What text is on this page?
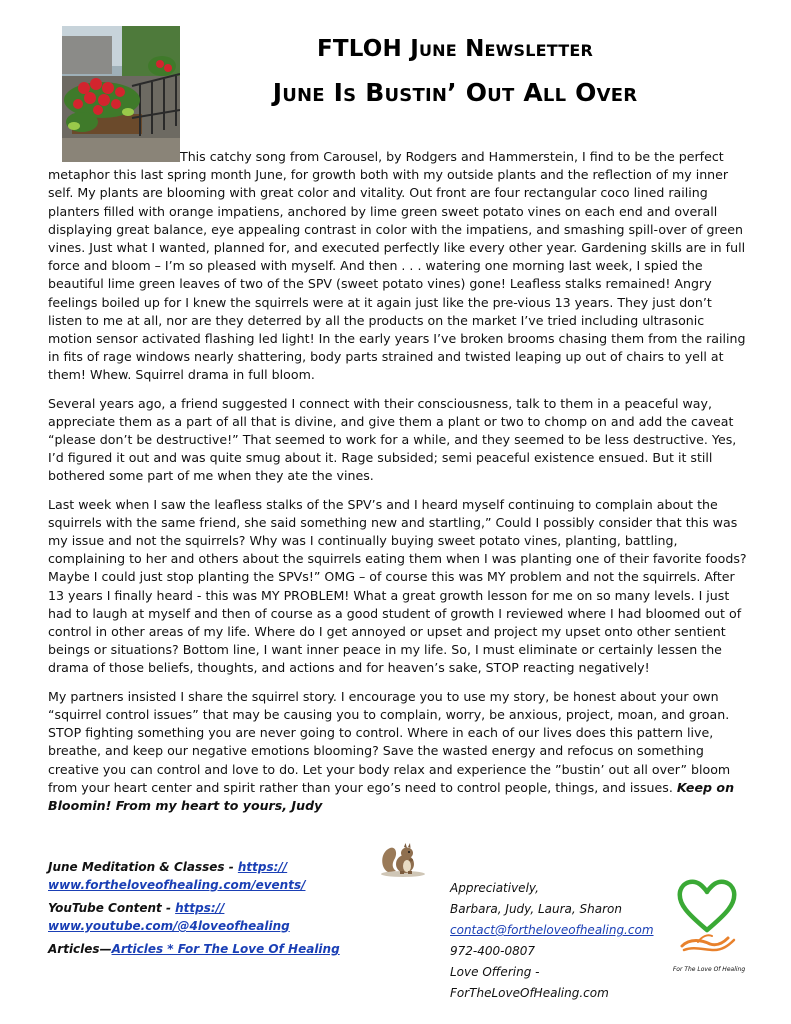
FTLOH June Newsletter
June Is Bustin’ Out All Over

This catchy song from Carousel, by Rodgers and Hammerstein, I find to be the perfect metaphor this last spring month June, for growth both with my outside plants and the reflection of my inner self. My plants are blooming with great color and vitality. Out front are four rectangular coco lined railing planters filled with orange impatiens, anchored by lime green sweet potato vines on each end and overall displaying great balance, eye appealing contrast in color with the impatiens, and smashing spill-over of green vines. Just what I wanted, planned for, and executed perfectly like every other year. Gardening skills are in full force and bloom – I’m so pleased with myself. And then . . . watering one morning last week, I spied the beautiful lime green leaves of two of the SPV (sweet potato vines) gone! Leafless stalks remained! Angry feelings boiled up for I knew the squirrels were at it again just like the pre-vious 13 years. They just don’t listen to me at all, nor are they deterred by all the products on the market I’ve tried including ultrasonic motion sensor activated flashing led light! In the early years I’ve broken brooms chasing them from the railing in fits of rage windows nearly shattering, body parts strained and twisted leaping up out of chairs to yell at them! Whew. Squirrel drama in full bloom.

Several years ago, a friend suggested I connect with their consciousness, talk to them in a peaceful way, appreciate them as a part of all that is divine, and give them a plant or two to chomp on and add the caveat “please don’t be destructive!” That seemed to work for a while, and they seemed to be less destructive. Yes, I’d figured it out and was quite smug about it. Rage subsided; semi peaceful existence ensued. But it still bothered some part of me when they ate the vines.

Last week when I saw the leafless stalks of the SPV’s and I heard myself continuing to complain about the squirrels with the same friend, she said something new and startling,” Could I possibly consider that this was my issue and not the squirrels? Why was I continually buying sweet potato vines, planting, battling, complaining to her and others about the squirrels eating them when I was planting one of their favorite foods? Maybe I could just stop planting the SPVs!” OMG – of course this was MY problem and not the squirrels. After 13 years I finally heard - this was MY PROBLEM! What a great growth lesson for me on so many levels. I just had to laugh at myself and then of course as a good student of growth I reviewed where I had bloomed out of control in other areas of my life. Where do I get annoyed or upset and project my upset onto other sentient beings or situations? Bottom line, I want inner peace in my life. So, I must eliminate or certainly lessen the drama of those beliefs, thoughts, and actions and for heaven’s sake, STOP reacting negatively!

My partners insisted I share the squirrel story. I encourage you to use my story, be honest about your own “squirrel control issues” that may be causing you to complain, worry, be anxious, project, moan, and groan. STOP fighting something you are never going to control. Where in each of our lives does this pattern live, breathe, and keep our negative emotions blooming? Save the wasted energy and refocus on something creative you can control and love to do. Let your body relax and experience the ”bustin’ out all over” bloom from your heart center and spirit rather than your ego’s need to control people, things, and issues. Keep on Bloomin! From my heart to yours, Judy

June Meditation & Classes - https:// www.fortheloveofhealing.com/events/
YouTube Content - https:// www.youtube.com/@4loveofhealing
Articles—Articles * For The Love Of Healing
Appreciatively,
Barbara, Judy, Laura, Sharon
contact@fortheloveofhealing.com
972-400-0807
Love Offering - ForTheLoveOfHealing.com
For The Love Of Healing
